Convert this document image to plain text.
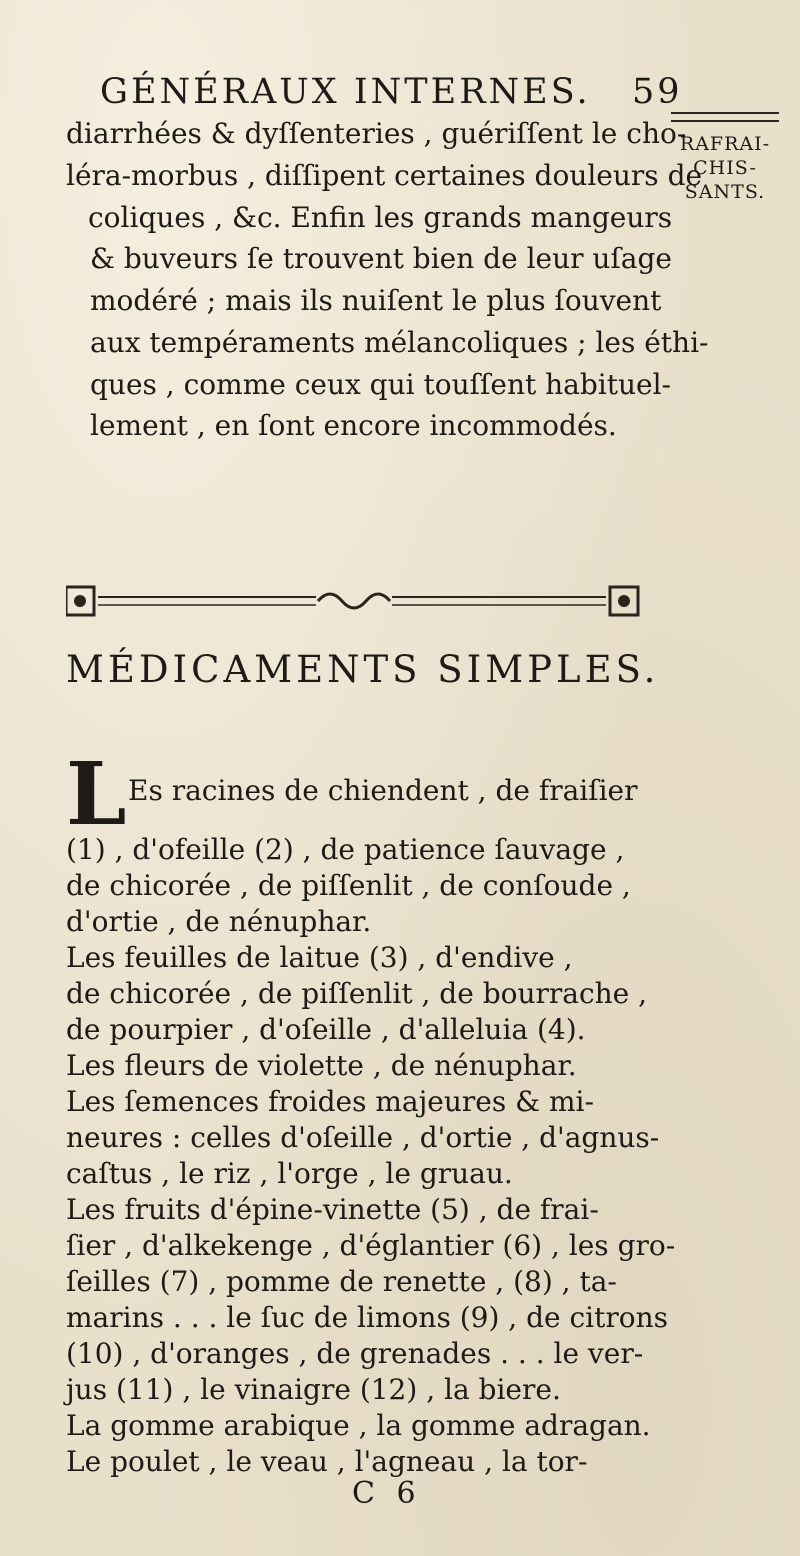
GÉNÉRAUX INTERNES. 59
RAFRAI-
CHIS-
SANTS.
diarrhées & dyſſenteries , guériſſent le cho-
léra-morbus , diſſipent certaines douleurs de
coliques , &c. Enfin les grands mangeurs
& buveurs ſe trouvent bien de leur uſage
modéré ; mais ils nuiſent le plus ſouvent
aux tempéraments mélancoliques ; les éthi-
ques , comme ceux qui touſſent habituel-
lement , en ſont encore incommodés.
MÉDICAMENTS SIMPLES.
L Es racines de chiendent , de fraiſier
(1) , d'ofeille (2) , de patience ſauvage ,
de chicorée , de piſſenlit , de conſoude ,
d'ortie , de nénuphar.
Les feuilles de laitue (3) , d'endive ,
de chicorée , de piſſenlit , de bourrache ,
de pourpier , d'oſeille , d'alleluia (4).
Les fleurs de violette , de nénuphar.
Les ſemences froides majeures & mi-
neures : celles d'oſeille , d'ortie , d'agnus-
caſtus , le riz , l'orge , le gruau.
Les fruits d'épine-vinette (5) , de frai-
ſier , d'alkekenge , d'églantier (6) , les gro-
ſeilles (7) , pomme de renette , (8) , ta-
marins . . . le ſuc de limons (9) , de citrons
(10) , d'oranges , de grenades . . . le ver-
jus (11) , le vinaigre (12) , la biere.
La gomme arabique , la gomme adragan.
Le poulet , le veau , l'agneau , la tor-
C 6
